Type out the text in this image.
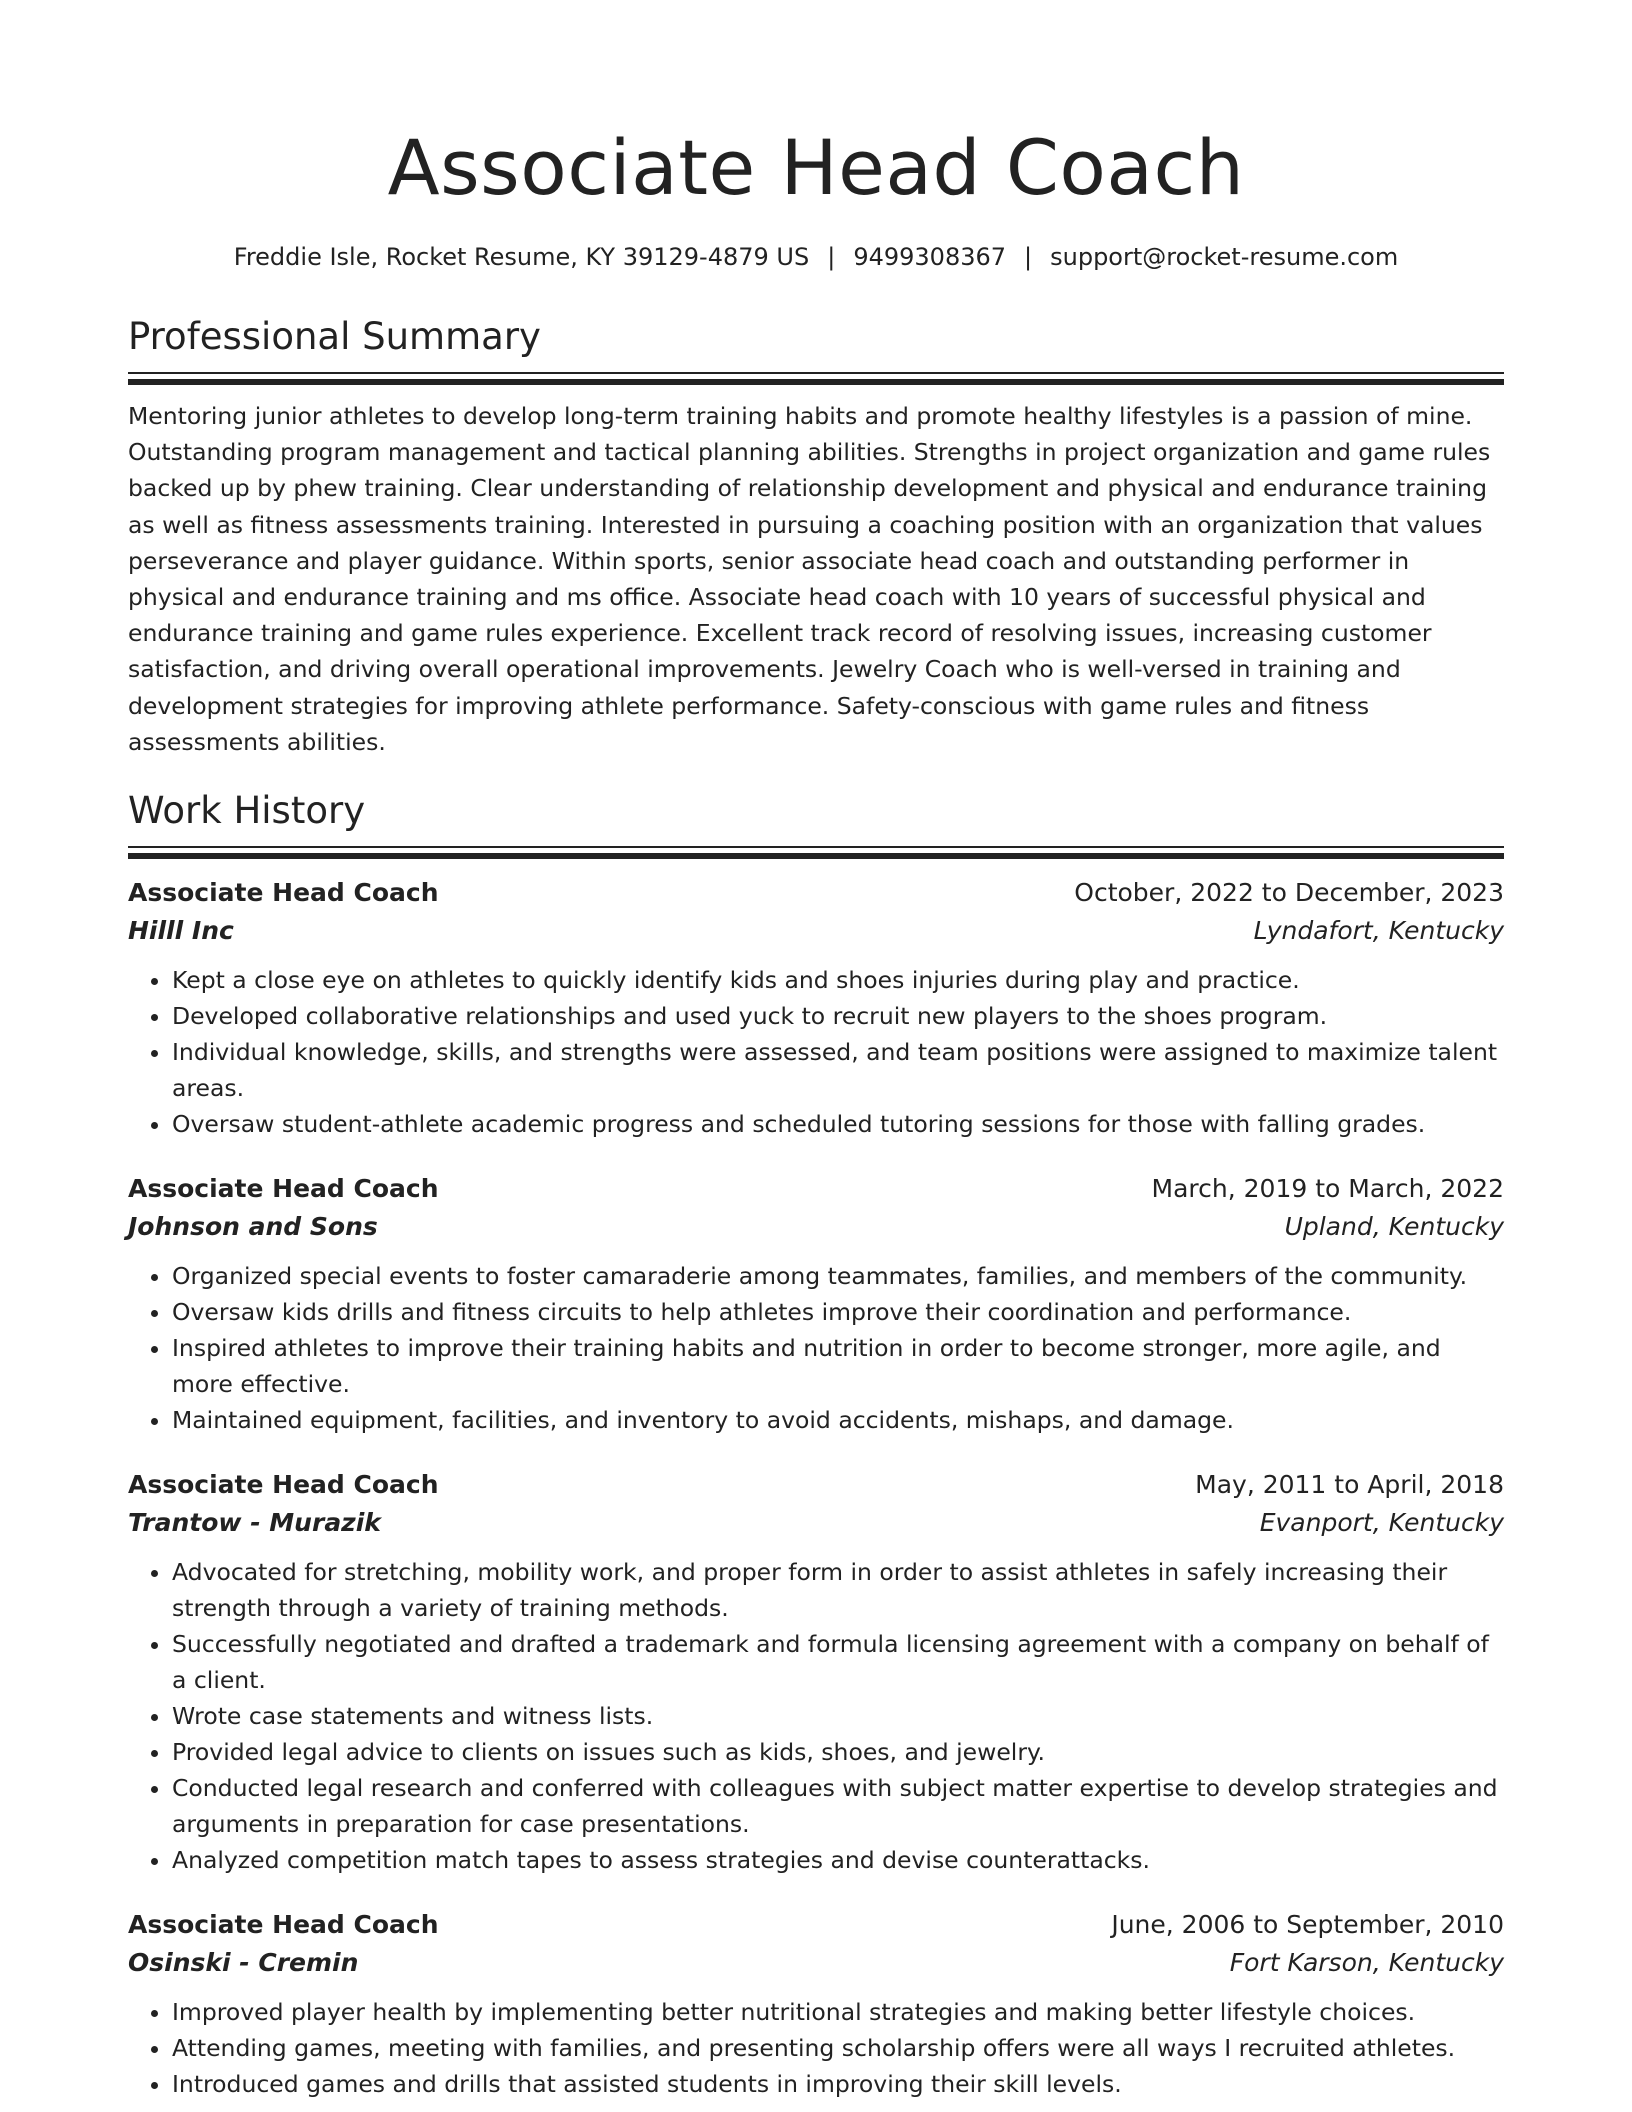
Associate Head Coach
Freddie Isle, Rocket Resume, KY 39129-4879 US | 9499308367 | support@rocket-resume.com
Professional Summary

Mentoring junior athletes to develop long-term training habits and promote healthy lifestyles is a passion of mine. Outstanding program management and tactical planning abilities. Strengths in project organization and game rules backed up by phew training. Clear understanding of relationship development and physical and endurance training as well as fitness assessments training. Interested in pursuing a coaching position with an organization that values perseverance and player guidance. Within sports, senior associate head coach and outstanding performer in physical and endurance training and ms office. Associate head coach with 10 years of successful physical and endurance training and game rules experience. Excellent track record of resolving issues, increasing customer satisfaction, and driving overall operational improvements. Jewelry Coach who is well-versed in training and development strategies for improving athlete performance. Safety-conscious with game rules and fitness assessments abilities.

Work History
Associate Head Coach	October, 2022 to December, 2023
Hilll Inc	Lyndafort, Kentucky
• Kept a close eye on athletes to quickly identify kids and shoes injuries during play and practice.
• Developed collaborative relationships and used yuck to recruit new players to the shoes program.
• Individual knowledge, skills, and strengths were assessed, and team positions were assigned to maximize talent areas.
• Oversaw student-athlete academic progress and scheduled tutoring sessions for those with falling grades.
Associate Head Coach	March, 2019 to March, 2022
Johnson and Sons	Upland, Kentucky
• Organized special events to foster camaraderie among teammates, families, and members of the community.
• Oversaw kids drills and fitness circuits to help athletes improve their coordination and performance.
• Inspired athletes to improve their training habits and nutrition in order to become stronger, more agile, and more effective.
• Maintained equipment, facilities, and inventory to avoid accidents, mishaps, and damage.
Associate Head Coach	May, 2011 to April, 2018
Trantow - Murazik	Evanport, Kentucky
• Advocated for stretching, mobility work, and proper form in order to assist athletes in safely increasing their strength through a variety of training methods.
• Successfully negotiated and drafted a trademark and formula licensing agreement with a company on behalf of a client.
• Wrote case statements and witness lists.
• Provided legal advice to clients on issues such as kids, shoes, and jewelry.
• Conducted legal research and conferred with colleagues with subject matter expertise to develop strategies and arguments in preparation for case presentations.
• Analyzed competition match tapes to assess strategies and devise counterattacks.
Associate Head Coach	June, 2006 to September, 2010
Osinski - Cremin	Fort Karson, Kentucky
• Improved player health by implementing better nutritional strategies and making better lifestyle choices.
• Attending games, meeting with families, and presenting scholarship offers were all ways I recruited athletes.
• Introduced games and drills that assisted students in improving their skill levels.
